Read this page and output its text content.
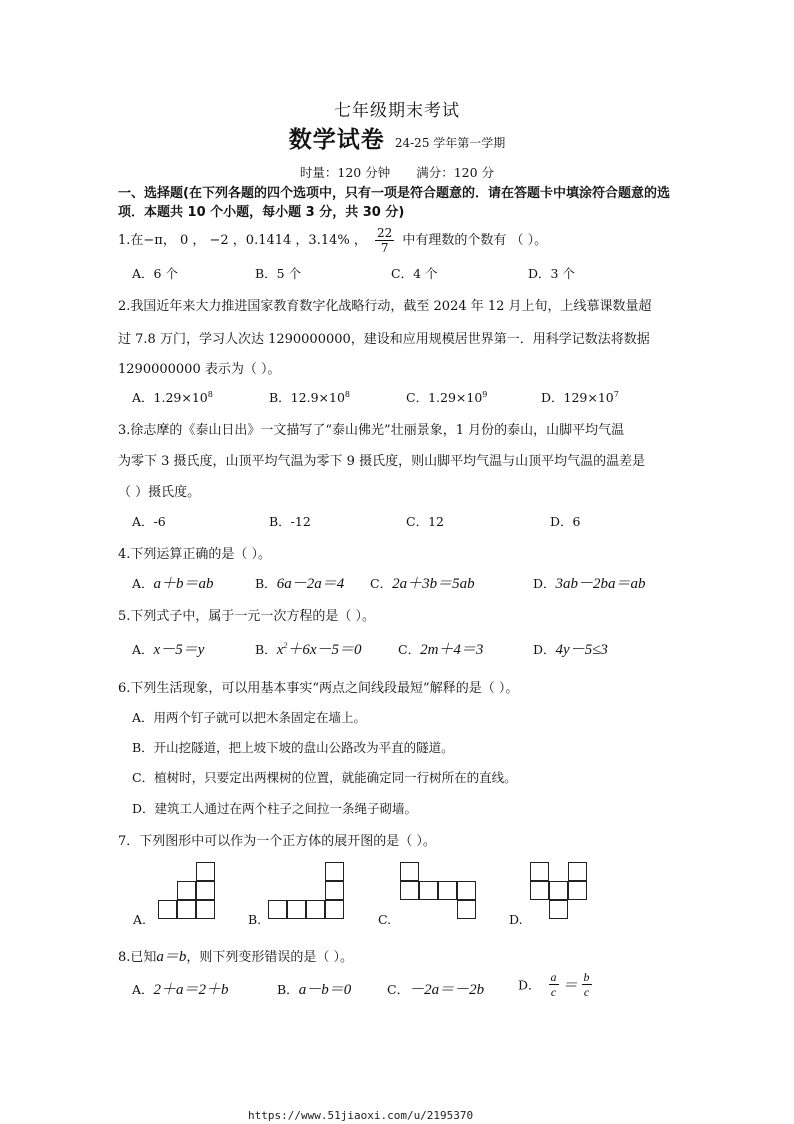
七年级期末考试
数学试卷 24-25 学年第一学期
时量：120 分钟 满分：120 分
一、选择题(在下列各题的四个选项中，只有一项是符合题意的．请在答题卡中填涂符合题意的选项．本题共 10 个小题，每小题 3 分，共 30 分)
1.在−π， 0 ， −2 ，0.1414 ，3.14% ， $\frac{22}{7}$ 中有理数的个数有 （ ）。
A．6 个	B．5 个	C．4 个	D．3 个
2.我国近年来大力推进国家教育数字化战略行动，截至 2024 年 12 月上旬，上线慕课数量超
过 7.8 万门，学习人次达 1290000000，建设和应用规模居世界第一．用科学记数法将数据
1290000000 表示为（ ）。
A．$1.29\times 10^8$	B．$12.9\times 10^8$	C．$1.29\times 10^9$	D．$129\times 10^7$
3.徐志摩的《泰山日出》一文描写了“泰山佛光”壮丽景象，1 月份的泰山，山脚平均气温
为零下 3 摄氏度，山顶平均气温为零下 9 摄氏度，则山脚平均气温与山顶平均气温的温差是
（ ）摄氏度。
A．-6	B．-12	C．12	D．6
4.下列运算正确的是（ ）。
A．a＋b＝ab	B．6a－2a＝4 C．2a＋3b＝5ab	D．3ab－2ba＝ab
5.下列式子中，属于一元一次方程的是（ ）。
A．x－5＝y	B．$x^2+6x-5=0$	C．2m＋4＝3	D．4y－5≤3
6.下列生活现象，可以用基本事实“两点之间线段最短”解释的是（ ）。
A．用两个钉子就可以把木条固定在墙上。
B．开山挖隧道，把上坡下坡的盘山公路改为平直的隧道。
C．植树时，只要定出两棵树的位置，就能确定同一行树所在的直线。
D．建筑工人通过在两个柱子之间拉一条绳子砌墙。
7．下列图形中可以作为一个正方体的展开图的是（ ）。
A.	B.	C.	D.
8.已知a＝b，则下列变形错误的是（ ）。
A．2＋a＝2＋b	B．a－b＝0	C．－2a＝－2b	D． $\frac{a}{c} = \frac{b}{c}$
https://www.51jiaoxi.com/u/2195370
